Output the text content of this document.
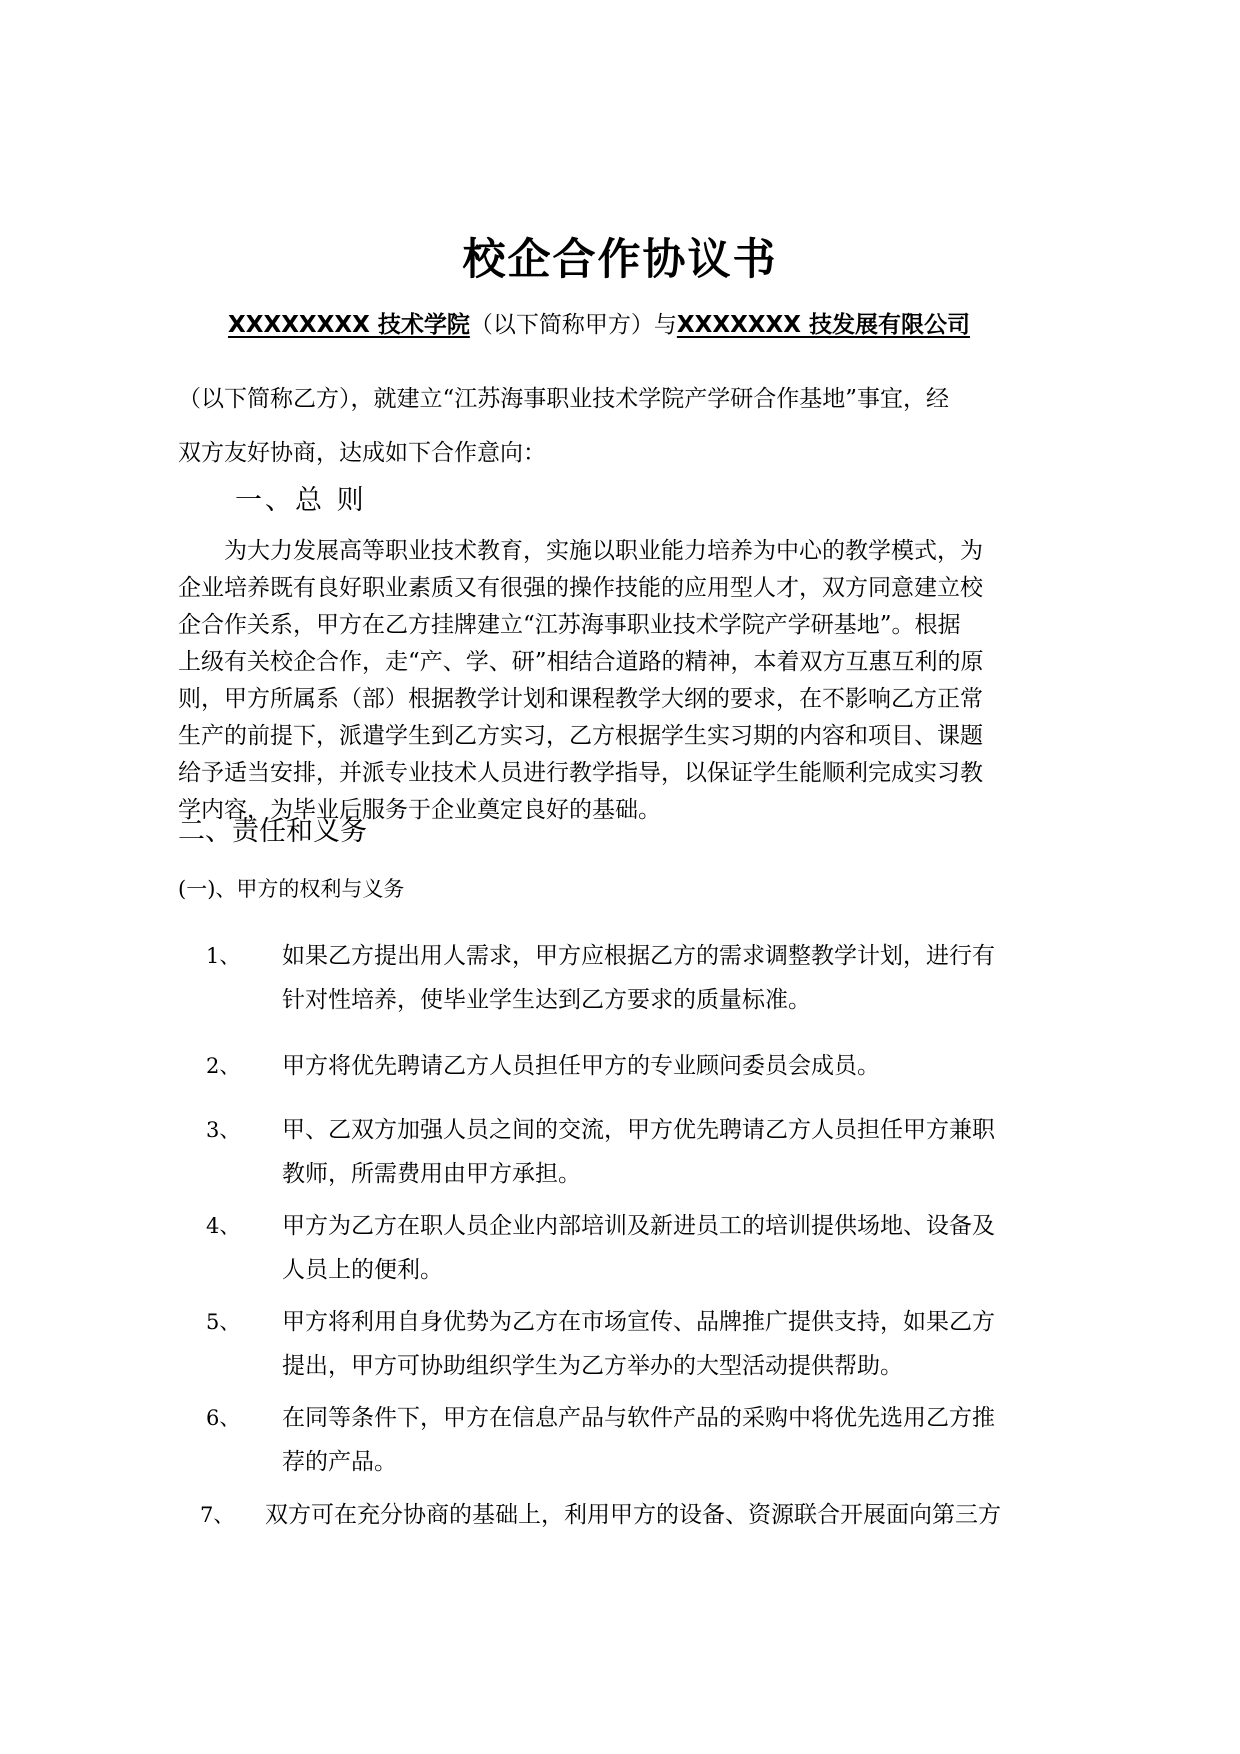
校企合作协议书
XXXXXXXX 技术学院（以下简称甲方）与XXXXXXX 技发展有限公司
（以下简称乙方），就建立“江苏海事职业技术学院产学研合作基地”事宜，经
双方友好协商，达成如下合作意向：
一、总 则
为大力发展高等职业技术教育，实施以职业能力培养为中心的教学模式，为
企业培养既有良好职业素质又有很强的操作技能的应用型人才，双方同意建立校
企合作关系，甲方在乙方挂牌建立“江苏海事职业技术学院产学研基地”。根据
上级有关校企合作，走“产、学、研”相结合道路的精神，本着双方互惠互利的原
则，甲方所属系（部）根据教学计划和课程教学大纲的要求，在不影响乙方正常
生产的前提下，派遣学生到乙方实习，乙方根据学生实习期的内容和项目、课题
给予适当安排，并派专业技术人员进行教学指导，以保证学生能顺利完成实习教
学内容，为毕业后服务于企业奠定良好的基础。
二、责任和义务
(一)、甲方的权利与义务
1、 如果乙方提出用人需求，甲方应根据乙方的需求调整教学计划，进行有
针对性培养，使毕业学生达到乙方要求的质量标准。
2、 甲方将优先聘请乙方人员担任甲方的专业顾问委员会成员。
3、 甲、乙双方加强人员之间的交流，甲方优先聘请乙方人员担任甲方兼职
教师，所需费用由甲方承担。
4、 甲方为乙方在职人员企业内部培训及新进员工的培训提供场地、设备及
人员上的便利。
5、 甲方将利用自身优势为乙方在市场宣传、品牌推广提供支持，如果乙方
提出，甲方可协助组织学生为乙方举办的大型活动提供帮助。
6、 在同等条件下，甲方在信息产品与软件产品的采购中将优先选用乙方推
荐的产品。
7、 双方可在充分协商的基础上，利用甲方的设备、资源联合开展面向第三方
